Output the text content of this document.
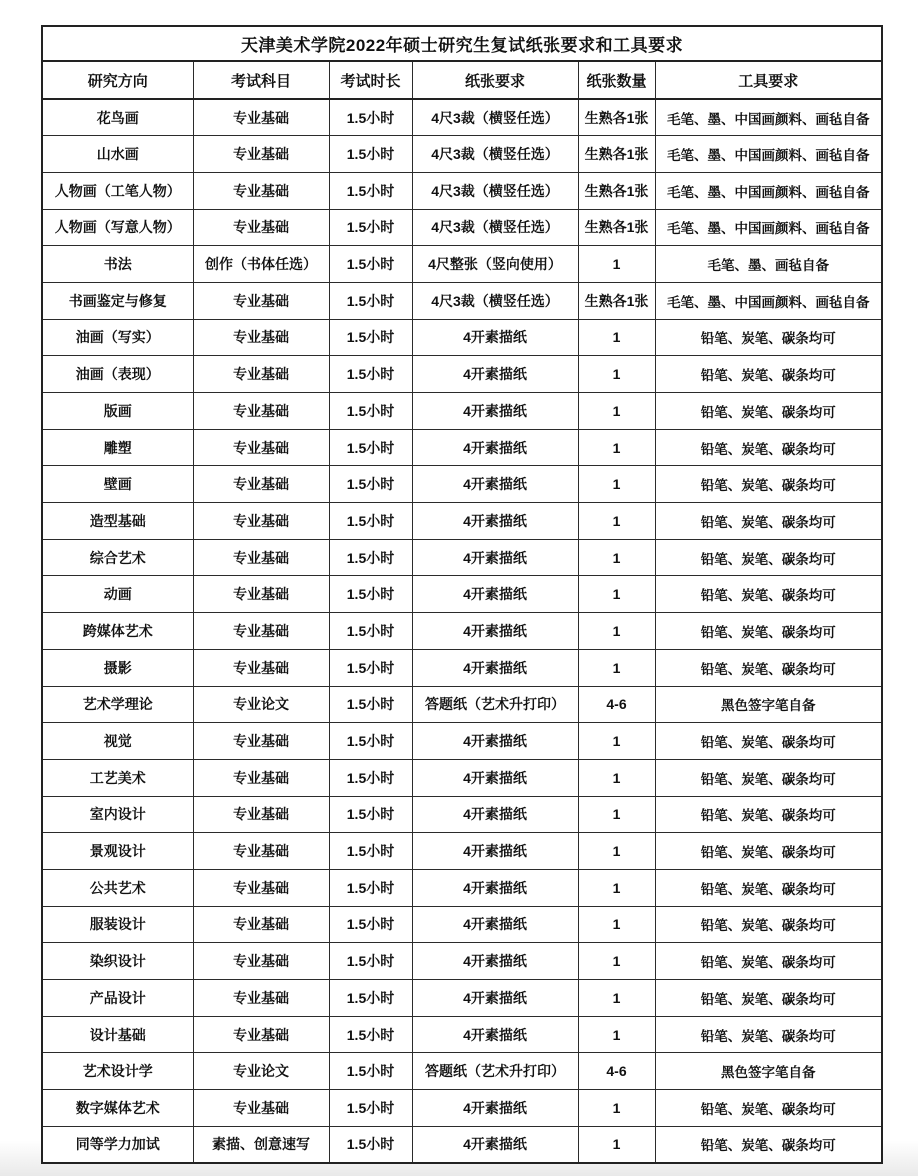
天津美术学院2022年硕士研究生复试纸张要求和工具要求					
研究方向	考试科目	考试时长	纸张要求	纸张数量	工具要求
花鸟画	专业基础	1.5小时	4尺3裁（横竖任选）	生熟各1张	毛笔、墨、中国画颜料、画毡自备
山水画	专业基础	1.5小时	4尺3裁（横竖任选）	生熟各1张	毛笔、墨、中国画颜料、画毡自备
人物画（工笔人物）	专业基础	1.5小时	4尺3裁（横竖任选）	生熟各1张	毛笔、墨、中国画颜料、画毡自备
人物画（写意人物）	专业基础	1.5小时	4尺3裁（横竖任选）	生熟各1张	毛笔、墨、中国画颜料、画毡自备
书法	创作（书体任选）	1.5小时	4尺整张（竖向使用）	1	毛笔、墨、画毡自备
书画鉴定与修复	专业基础	1.5小时	4尺3裁（横竖任选）	生熟各1张	毛笔、墨、中国画颜料、画毡自备
油画（写实）	专业基础	1.5小时	4开素描纸	1	铅笔、炭笔、碳条均可
油画（表现）	专业基础	1.5小时	4开素描纸	1	铅笔、炭笔、碳条均可
版画	专业基础	1.5小时	4开素描纸	1	铅笔、炭笔、碳条均可
雕塑	专业基础	1.5小时	4开素描纸	1	铅笔、炭笔、碳条均可
壁画	专业基础	1.5小时	4开素描纸	1	铅笔、炭笔、碳条均可
造型基础	专业基础	1.5小时	4开素描纸	1	铅笔、炭笔、碳条均可
综合艺术	专业基础	1.5小时	4开素描纸	1	铅笔、炭笔、碳条均可
动画	专业基础	1.5小时	4开素描纸	1	铅笔、炭笔、碳条均可
跨媒体艺术	专业基础	1.5小时	4开素描纸	1	铅笔、炭笔、碳条均可
摄影	专业基础	1.5小时	4开素描纸	1	铅笔、炭笔、碳条均可
艺术学理论	专业论文	1.5小时	答题纸（艺术升打印）	4-6	黑色签字笔自备
视觉	专业基础	1.5小时	4开素描纸	1	铅笔、炭笔、碳条均可
工艺美术	专业基础	1.5小时	4开素描纸	1	铅笔、炭笔、碳条均可
室内设计	专业基础	1.5小时	4开素描纸	1	铅笔、炭笔、碳条均可
景观设计	专业基础	1.5小时	4开素描纸	1	铅笔、炭笔、碳条均可
公共艺术	专业基础	1.5小时	4开素描纸	1	铅笔、炭笔、碳条均可
服装设计	专业基础	1.5小时	4开素描纸	1	铅笔、炭笔、碳条均可
染织设计	专业基础	1.5小时	4开素描纸	1	铅笔、炭笔、碳条均可
产品设计	专业基础	1.5小时	4开素描纸	1	铅笔、炭笔、碳条均可
设计基础	专业基础	1.5小时	4开素描纸	1	铅笔、炭笔、碳条均可
艺术设计学	专业论文	1.5小时	答题纸（艺术升打印）	4-6	黑色签字笔自备
数字媒体艺术	专业基础	1.5小时	4开素描纸	1	铅笔、炭笔、碳条均可
同等学力加试	素描、创意速写	1.5小时	4开素描纸	1	铅笔、炭笔、碳条均可
